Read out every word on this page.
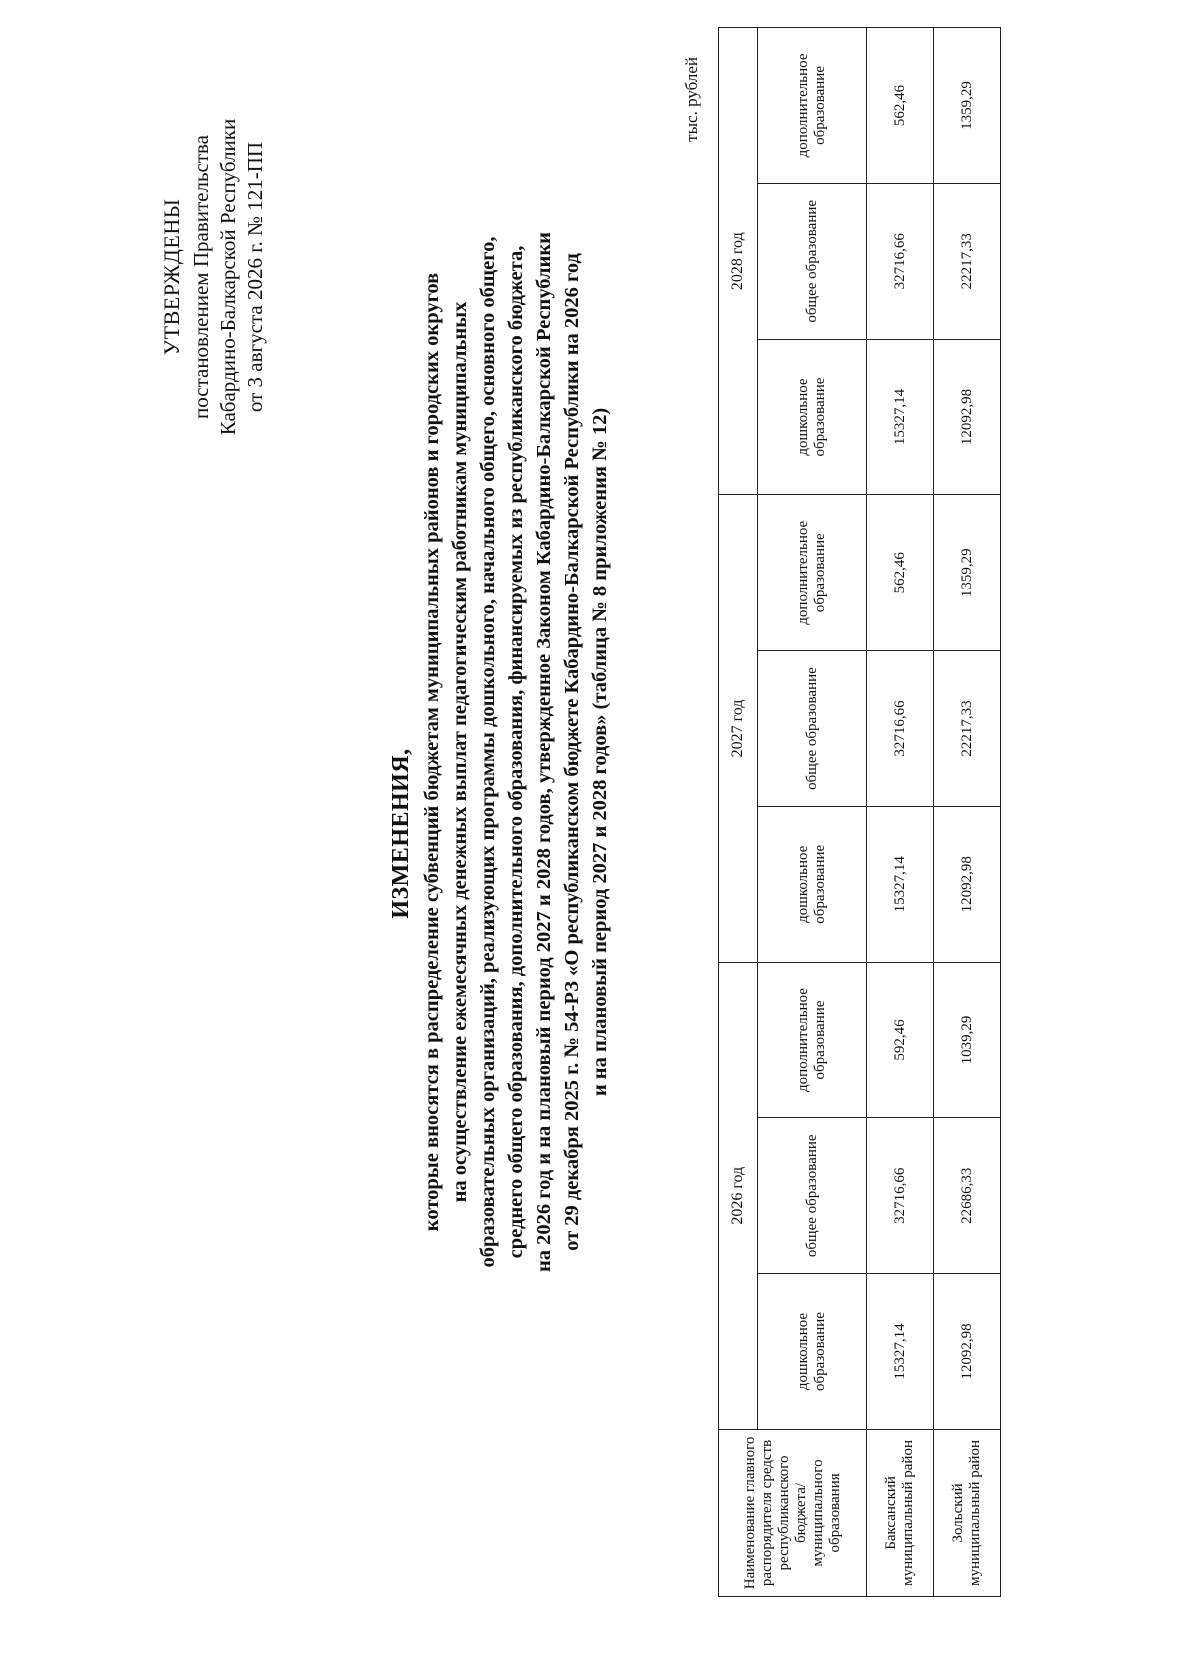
УТВЕРЖДЕНЫ постановлением Правительства Кабардино-Балкарской Республики от 3 августа 2026 г. № 121-ПП
ИЗМЕНЕНИЯ, которые вносятся в распределение субвенций бюджетам муниципальных районов и городских округов на осуществление ежемесячных денежных выплат педагогическим работникам муниципальных образовательных организаций, реализующих программы дошкольного, начального общего, основного общего, среднего общего образования, дополнительного образования, финансируемых из республиканского бюджета, на 2026 год и на плановый период 2027 и 2028 годов, утвержденное Законом Кабардино-Балкарской Республики от 29 декабря 2025 г. № 54-РЗ «О республиканском бюджете Кабардино-Балкарской Республики на 2026 год и на плановый период 2027 и 2028 годов» (таблица № 8 приложения № 12)
тыс. рублей
Наименование главного распорядителя средств республиканского бюджета/ муниципального образования	2026 год			2027 год			2028 год		
	дошкольное образование	общее образование	дополнительное образование	дошкольное образование	общее образование	дополнительное образование	дошкольное образование	общее образование	дополнительное образование
Баксанский муниципальный район	15327,14	32716,66	592,46	15327,14	32716,66	562,46	15327,14	32716,66	562,46
Зольский муниципальный район	12092,98	22686,33	1039,29	12092,98	22217,33	1359,29	12092,98	22217,33	1359,29
